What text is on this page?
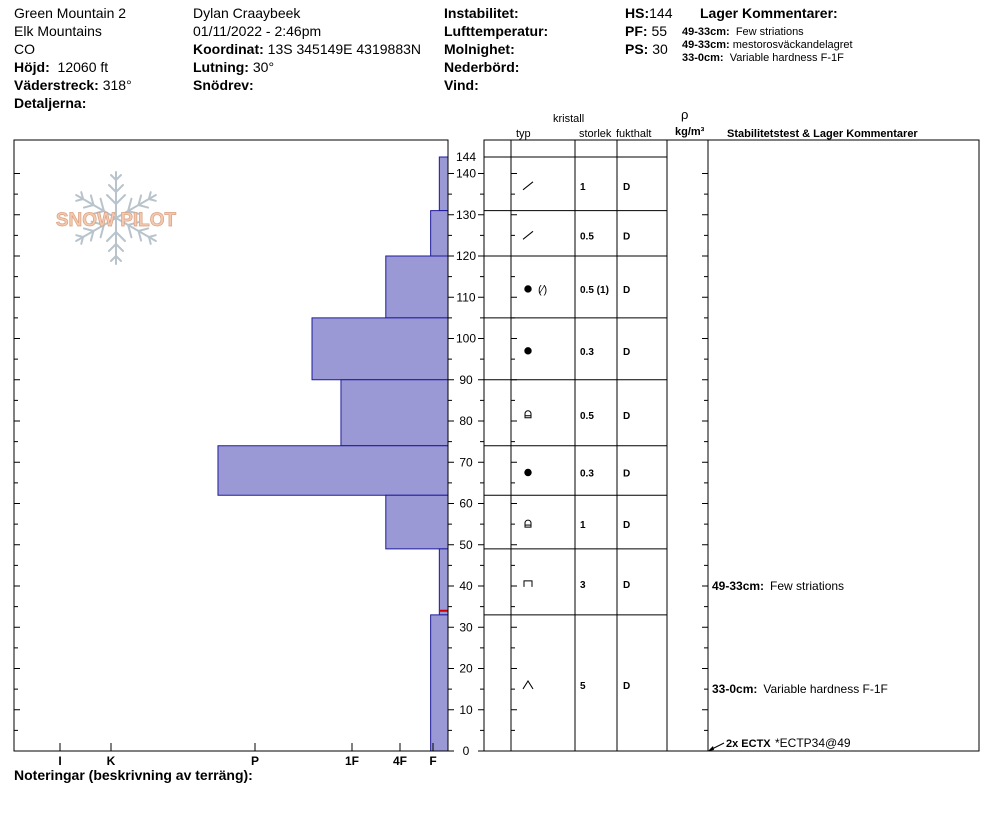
Green Mountain 2
Elk Mountains
CO
Höjd: 12060 ft
Väderstreck: 318°
Detaljerna:
Dylan Craaybeek
01/11/2022 - 2:46pm
Koordinat: 13S 345149E 4319883N
Lutning: 30°
Snödrev:
Instabilitet:
Lufttemperatur:
Molnighet:
Nederbörd:
Vind:
HS:144
PF: 55
PS: 30
Lager Kommentarer:
49-33cm: Few striations
49-33cm: mestorosväckandelagret
33-0cm: Variable hardness F-1F
kristall
typ	storlek fukthalt
ρ
kg/m³ Stabilitetstest & Lager Kommentarer
SNOW PILOT
0
10
20
30
40
50
60
70
80
90
100
110
120
130
140
144
I	K	P	1F	4F F
1	D
0.5	D
(⁄)	0.5 (1) D
0.3	D
0.5	D
0.3	D
1	D
3	D
5	D
49-33cm: Few striations
33-0cm: Variable hardness F-1F
2x ECTX *ECTP34@49
Noteringar (beskrivning av terräng):
